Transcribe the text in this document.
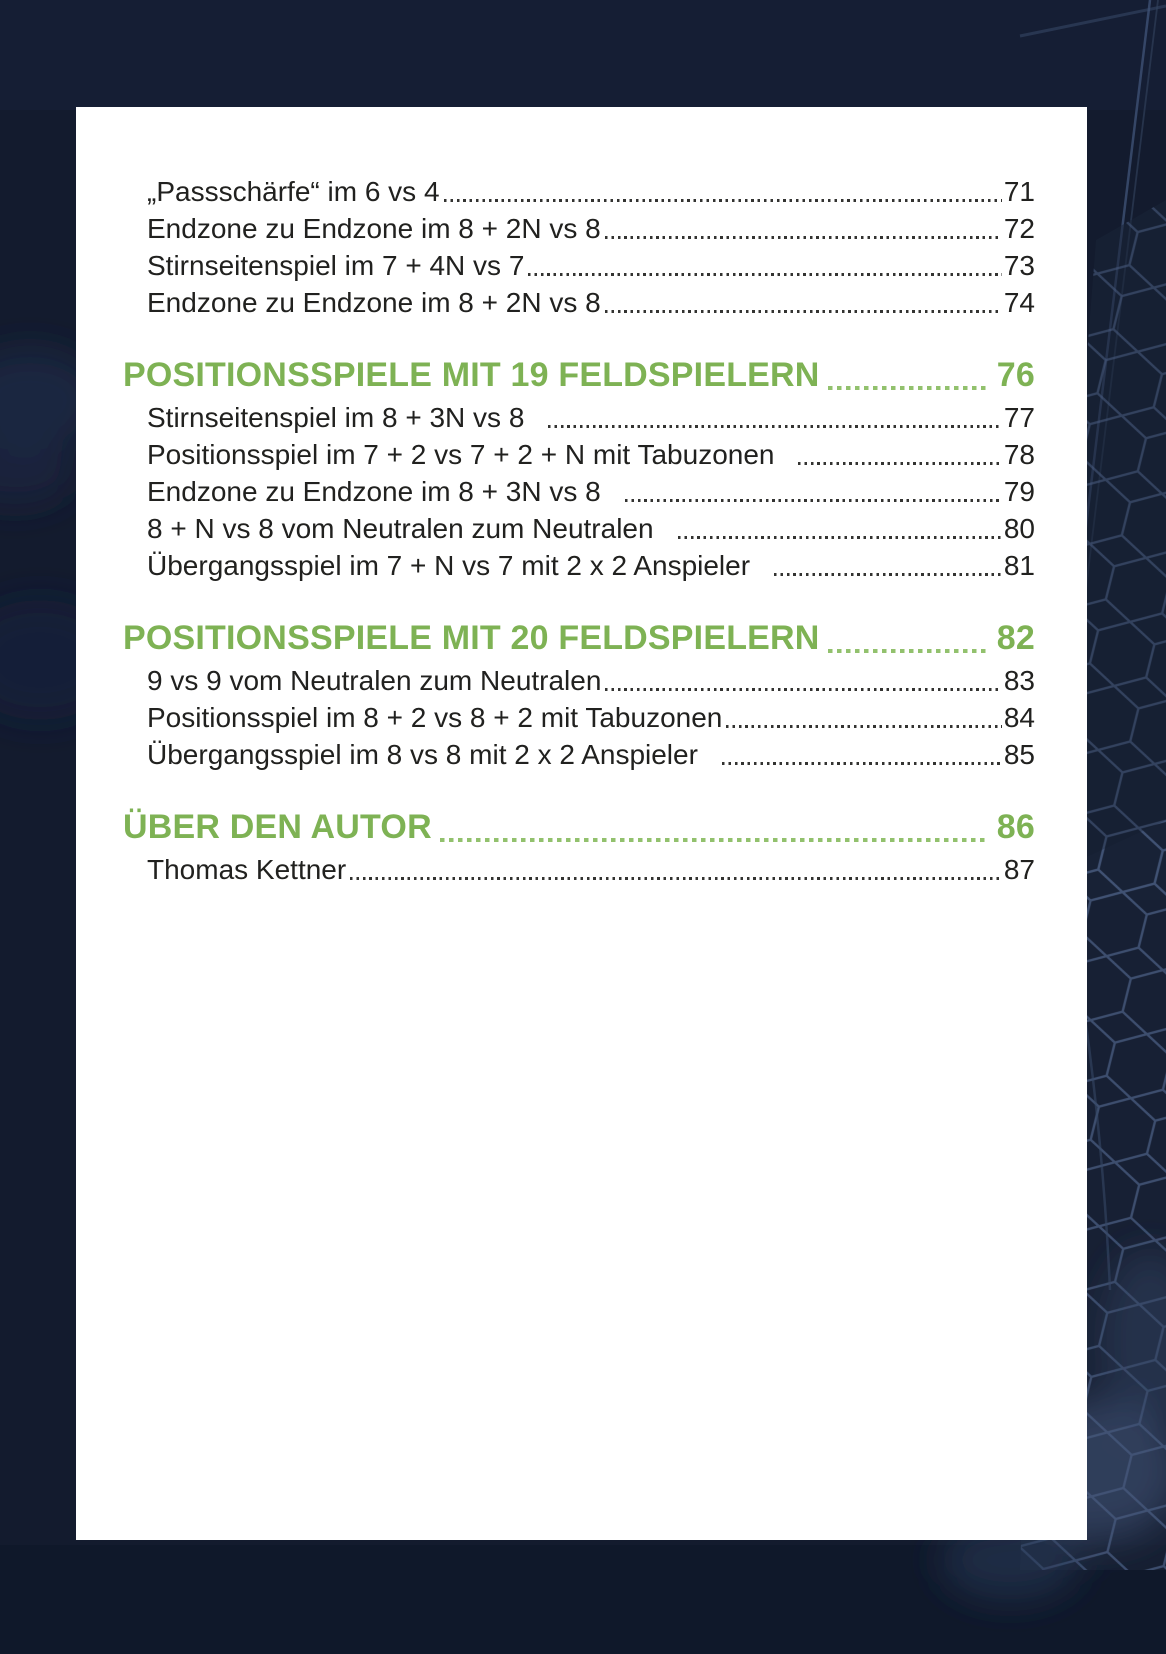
„Passschärfe“ im 6 vs 4	71
Endzone zu Endzone im 8 + 2N vs 8	72
Stirnseitenspiel im 7 + 4N vs 7	73
Endzone zu Endzone im 8 + 2N vs 8	74
POSITIONSSPIELE MIT 19 FELDSPIELERN	76
Stirnseitenspiel im 8 + 3N vs 8	77
Positionsspiel im 7 + 2 vs 7 + 2 + N mit Tabuzonen	78
Endzone zu Endzone im 8 + 3N vs 8	79
8 + N vs 8 vom Neutralen zum Neutralen	80
Übergangsspiel im 7 + N vs 7 mit 2 x 2 Anspieler	81
POSITIONSSPIELE MIT 20 FELDSPIELERN	82
9 vs 9 vom Neutralen zum Neutralen	83
Positionsspiel im 8 + 2 vs 8 + 2 mit Tabuzonen	84
Übergangsspiel im 8 vs 8 mit 2 x 2 Anspieler	85
ÜBER DEN AUTOR	86
Thomas Kettner	87
